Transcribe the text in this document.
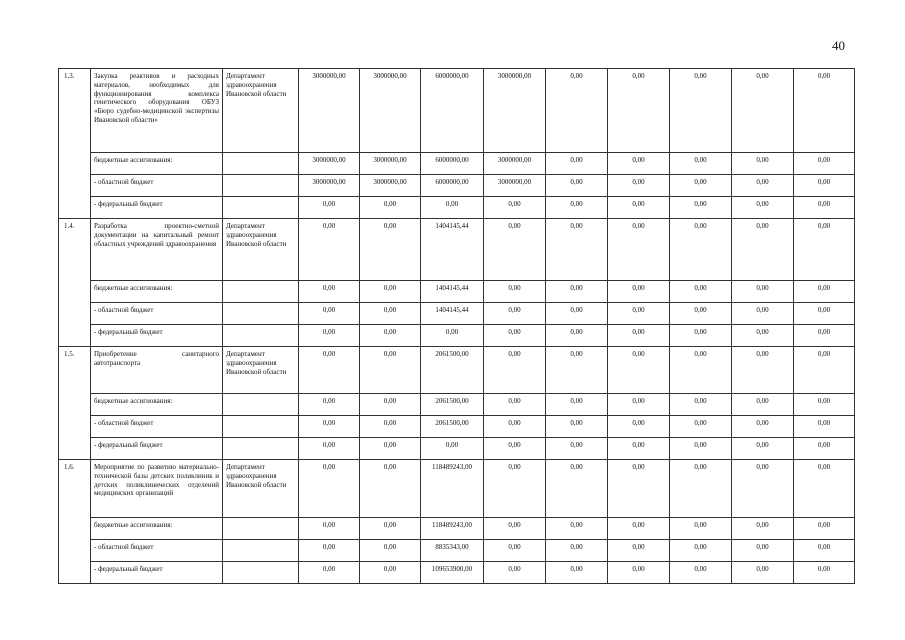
40
1.3.	Закупка реактивов и расходных материалов, необходимых для функционирования комплекса генетического оборудования ОБУЗ «Бюро судебно-медицинской экспертизы Ивановской области»	Департамент здравоохранения Ивановской области	3000000,00	3000000,00	6000000,00	3000000,00	0,00	0,00	0,00	0,00	0,00
	бюджетные ассигнования:		3000000,00	3000000,00	6000000,00	3000000,00	0,00	0,00	0,00	0,00	0,00
	- областной бюджет		3000000,00	3000000,00	6000000,00	3000000,00	0,00	0,00	0,00	0,00	0,00
	- федеральный бюджет		0,00	0,00	0,00	0,00	0,00	0,00	0,00	0,00	0,00
1.4.	Разработка проектно-сметной документации на капитальный ремонт областных учреждений здравоохранения	Департамент здравоохранения Ивановской области	0,00	0,00	1404145,44	0,00	0,00	0,00	0,00	0,00	0,00
	бюджетные ассигнования:		0,00	0,00	1404145,44	0,00	0,00	0,00	0,00	0,00	0,00
	- областной бюджет		0,00	0,00	1404145,44	0,00	0,00	0,00	0,00	0,00	0,00
	- федеральный бюджет		0,00	0,00	0,00	0,00	0,00	0,00	0,00	0,00	0,00
1.5.	Приобретение санитарного автотранспорта	Департамент здравоохранения Ивановской области	0,00	0,00	2061500,00	0,00	0,00	0,00	0,00	0,00	0,00
	бюджетные ассигнования:		0,00	0,00	2061500,00	0,00	0,00	0,00	0,00	0,00	0,00
	- областной бюджет		0,00	0,00	2061500,00	0,00	0,00	0,00	0,00	0,00	0,00
	- федеральный бюджет		0,00	0,00	0,00	0,00	0,00	0,00	0,00	0,00	0,00
1.6.	Мероприятие по развитию материально-технической базы детских поликлиник и детских поликлинических отделений медицинских организаций	Департамент здравоохранения Ивановской области	0,00	0,00	118489243,00	0,00	0,00	0,00	0,00	0,00	0,00
	бюджетные ассигнования:		0,00	0,00	118489243,00	0,00	0,00	0,00	0,00	0,00	0,00
	- областной бюджет		0,00	0,00	8835343,00	0,00	0,00	0,00	0,00	0,00	0,00
	- федеральный бюджет		0,00	0,00	109653900,00	0,00	0,00	0,00	0,00	0,00	0,00
